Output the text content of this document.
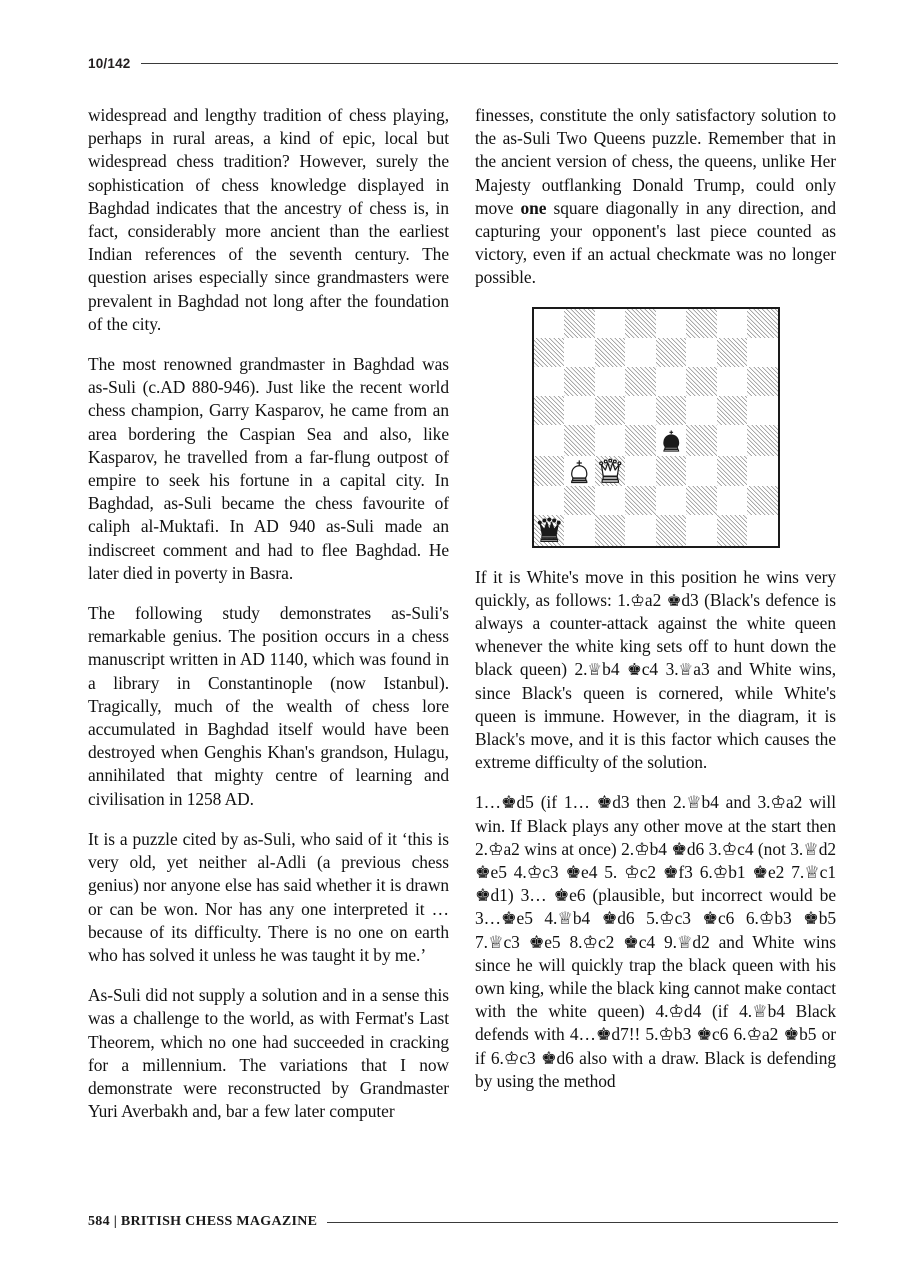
10/142

widespread and lengthy tradition of chess playing, perhaps in rural areas, a kind of epic, local but widespread chess tradition? However, surely the sophistication of chess knowledge displayed in Baghdad indicates that the ancestry of chess is, in fact, considerably more ancient than the earliest Indian references of the seventh century. The question arises especially since grandmasters were prevalent in Baghdad not long after the foundation of the city.

The most renowned grandmaster in Baghdad was as-Suli (c.AD 880-946). Just like the recent world chess champion, Garry Kasparov, he came from an area bordering the Caspian Sea and also, like Kasparov, he travelled from a far-flung outpost of empire to seek his fortune in a capital city. In Baghdad, as-Suli became the chess favourite of caliph al-Muktafi. In AD 940 as-Suli made an indiscreet comment and had to flee Baghdad. He later died in poverty in Basra.

The following study demonstrates as-Suli's remarkable genius. The position occurs in a chess manuscript written in AD 1140, which was found in a library in Constantinople (now Istanbul). Tragically, much of the wealth of chess lore accumulated in Baghdad itself would have been destroyed when Genghis Khan's grandson, Hulagu, annihilated that mighty centre of learning and civilisation in 1258 AD.

It is a puzzle cited by as-Suli, who said of it ‘this is very old, yet neither al-Adli (a previous chess genius) nor anyone else has said whether it is drawn or can be won. Nor has any one interpreted it … because of its difficulty. There is no one on earth who has solved it unless he was taught it by me.’

As-Suli did not supply a solution and in a sense this was a challenge to the world, as with Fermat's Last Theorem, which no one had succeeded in cracking for a millennium. The variations that I now demonstrate were reconstructed by Grandmaster Yuri Averbakh and, bar a few later computer

finesses, constitute the only satisfactory solution to the as-Suli Two Queens puzzle. Remember that in the ancient version of chess, the queens, unlike Her Majesty outflanking Donald Trump, could only move one square diagonally in any direction, and capturing your opponent's last piece counted as victory, even if an actual checkmate was no longer possible.

If it is White's move in this position he wins very quickly, as follows: 1.♔a2 ♚d3 (Black's defence is always a counter-attack against the white queen whenever the white king sets off to hunt down the black queen) 2.♕b4 ♚c4 3.♕a3 and White wins, since Black's queen is cornered, while White's queen is immune. However, in the diagram, it is Black's move, and it is this factor which causes the extreme difficulty of the solution.

1…♚d5 (if 1… ♚d3 then 2.♕b4 and 3.♔a2 will win. If Black plays any other move at the start then 2.♔a2 wins at once) 2.♔b4 ♚d6 3.♔c4 (not 3.♕d2 ♚e5 4.♔c3 ♚e4 5. ♔c2 ♚f3 6.♔b1 ♚e2 7.♕c1 ♚d1) 3… ♚e6 (plausible, but incorrect would be 3…♚e5 4.♕b4 ♚d6 5.♔c3 ♚c6 6.♔b3 ♚b5 7.♕c3 ♚e5 8.♔c2 ♚c4 9.♕d2 and White wins since he will quickly trap the black queen with his own king, while the black king cannot make contact with the white queen) 4.♔d4 (if 4.♕b4 Black defends with 4…♚d7!! 5.♔b3 ♚c6 6.♔a2 ♚b5 or if 6.♔c3 ♚d6 also with a draw. Black is defending by using the method

584 | BRITISH CHESS MAGAZINE
